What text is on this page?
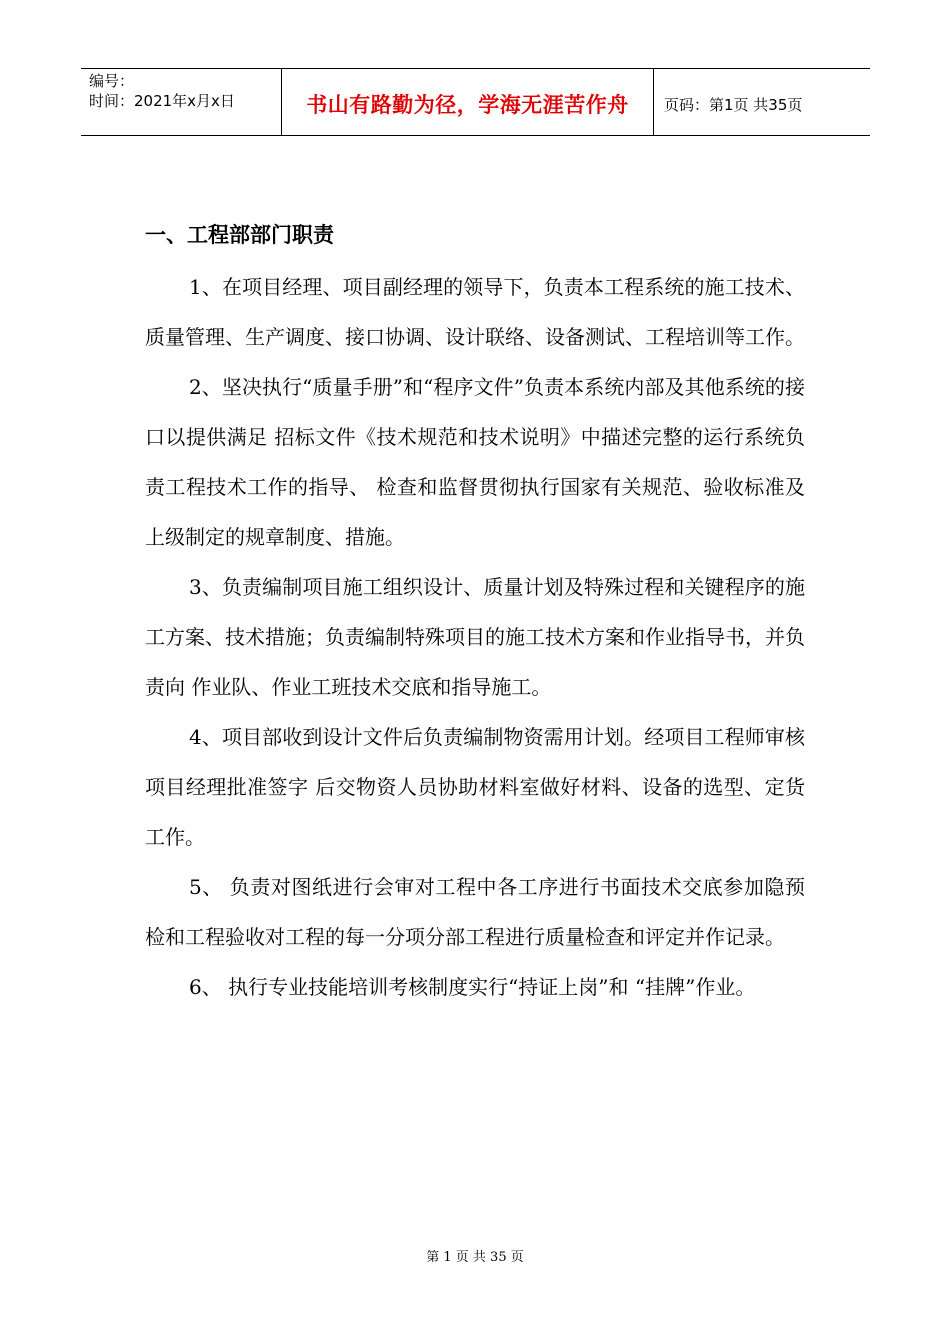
编号：
时间：2021年x月x日	书山有路勤为径，学海无涯苦作舟	页码：第1页 共35页
一、工程部部门职责

1、在项目经理、项目副经理的领导下，负责本工程系统的施工技术、质量管理、生产调度、接口协调、设计联络、设备测试、工程培训等工作。

2、坚决执行“质量手册”和“程序文件”负责本系统内部及其他系统的接口以提供满足 招标文件《技术规范和技术说明》中描述完整的运行系统负责工程技术工作的指导、 检查和监督贯彻执行国家有关规范、验收标准及上级制定的规章制度、措施。

3、负责编制项目施工组织设计、质量计划及特殊过程和关键程序的施工方案、技术措施；负责编制特殊项目的施工技术方案和作业指导书，并负责向 作业队、作业工班技术交底和指导施工。

4、项目部收到设计文件后负责编制物资需用计划。经项目工程师审核项目经理批准签字 后交物资人员协助材料室做好材料、设备的选型、定货工作。

5、 负责对图纸进行会审对工程中各工序进行书面技术交底参加隐预检和工程验收对工程的每一分项分部工程进行质量检查和评定并作记录。

6、 执行专业技能培训考核制度实行“持证上岗”和 “挂牌”作业。

第 1 页 共 35 页
